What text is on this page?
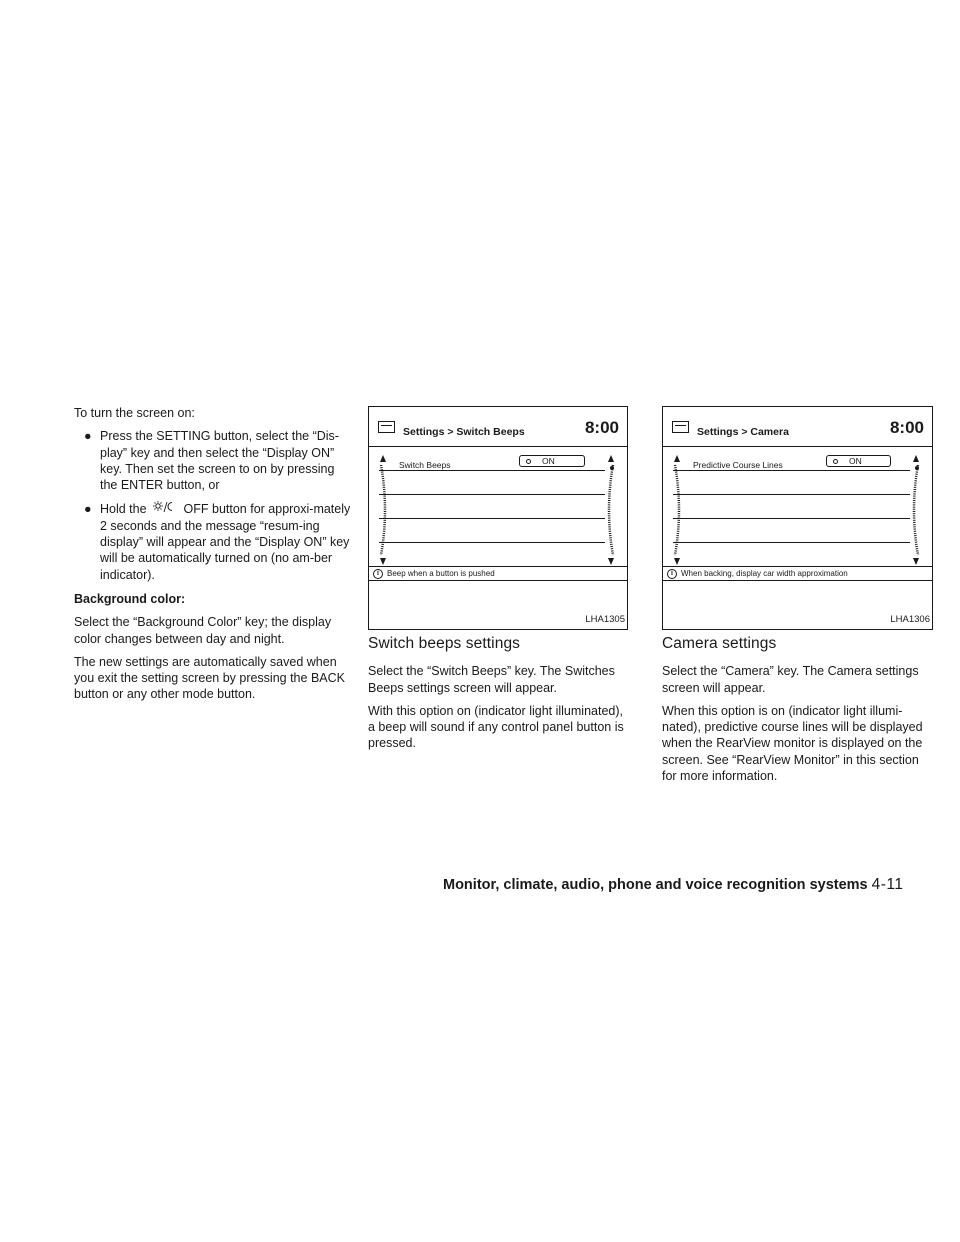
To turn the screen on:

● Press the SETTING button, select the “Dis-play” key and then select the “Display ON” key. Then set the screen to on by pressing the ENTER button, or
● Hold the	OFF button for approxi-mately 2 seconds and the message “resum-ing display” will appear and the “Display ON” key will be automatically turned on (no am-ber indicator).
Background color:

Select the “Background Color” key; the display color changes between day and night.

The new settings are automatically saved when you exit the setting screen by pressing the BACK button or any other mode button.

Settings > Switch Beeps	8:00
Switch Beeps	ON
i	Beep when a button is pushed
LHA1305
Switch beeps settings

Select the “Switch Beeps” key. The Switches Beeps settings screen will appear.

With this option on (indicator light illuminated), a beep will sound if any control panel button is pressed.

Settings > Camera	8:00
Predictive Course Lines	ON
i	When backing, display car width approximation
LHA1306
Camera settings

Select the “Camera” key. The Camera settings screen will appear.

When this option is on (indicator light illumi-nated), predictive course lines will be displayed when the RearView monitor is displayed on the screen. See “RearView Monitor” in this section for more information.

Monitor, climate, audio, phone and voice recognition systems 4-11
